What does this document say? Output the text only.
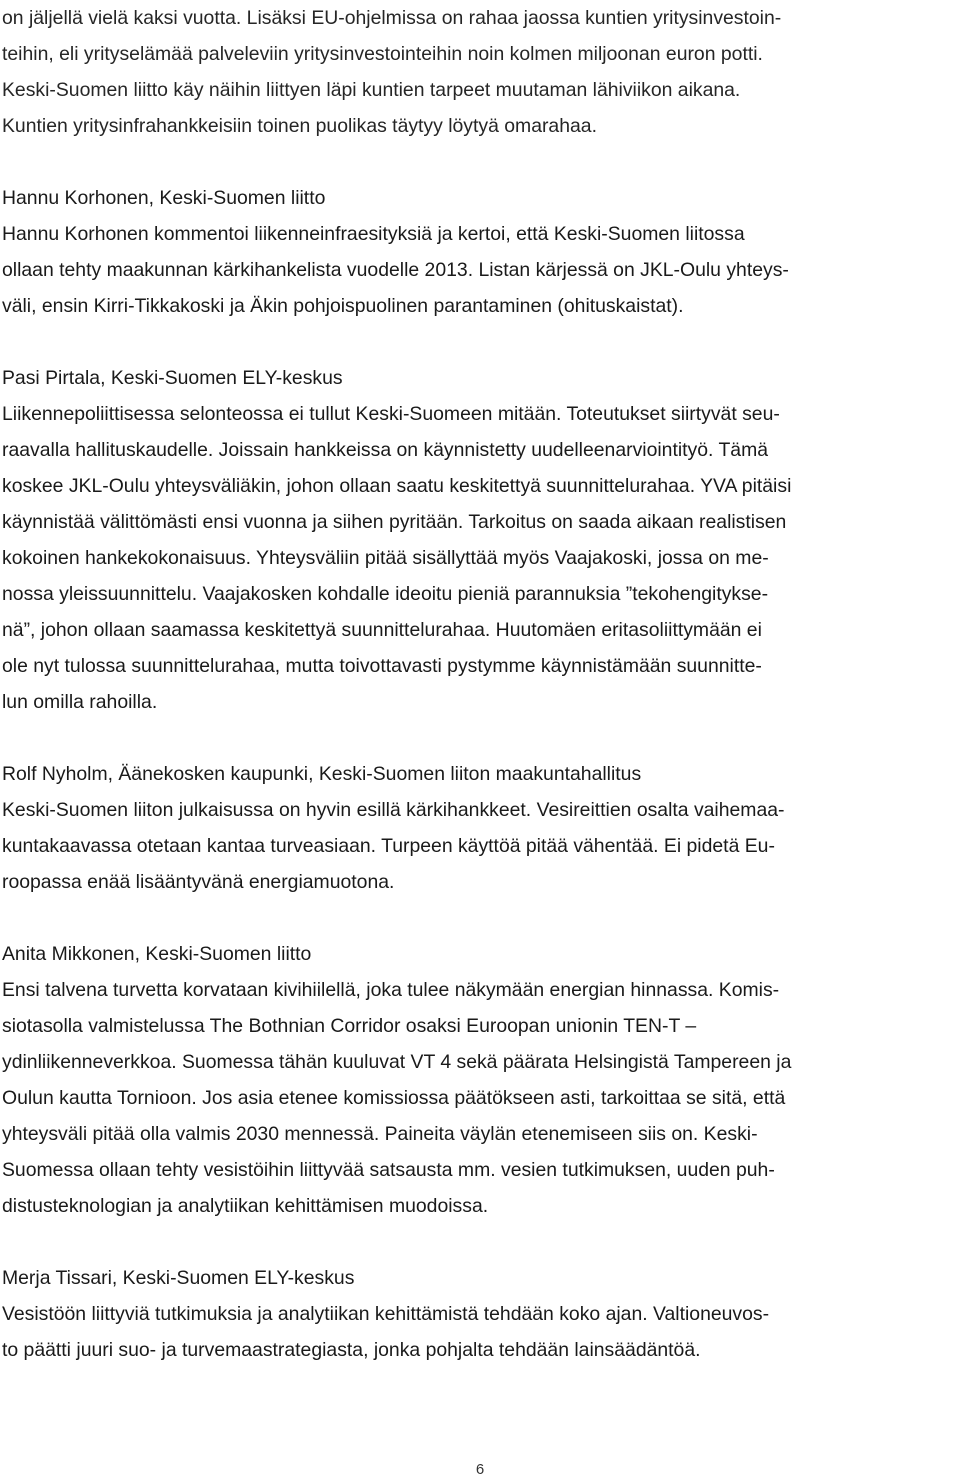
on jäljellä vielä kaksi vuotta. Lisäksi EU-ohjelmissa on rahaa jaossa kuntien yritysinvestoin-
teihin, eli yrityselämää palveleviin yritysinvestointeihin noin kolmen miljoonan euron potti.
Keski-Suomen liitto käy näihin liittyen läpi kuntien tarpeet muutaman lähiviikon aikana.
Kuntien yritysinfrahankkeisiin toinen puolikas täytyy löytyä omarahaa.
Hannu Korhonen, Keski-Suomen liitto
Hannu Korhonen kommentoi liikenneinfraesityksiä ja kertoi, että Keski-Suomen liitossa
ollaan tehty maakunnan kärkihankelista vuodelle 2013. Listan kärjessä on JKL-Oulu yhteys-
väli, ensin Kirri-Tikkakoski ja Äkin pohjoispuolinen parantaminen (ohituskaistat).
Pasi Pirtala, Keski-Suomen ELY-keskus
Liikennepoliittisessa selonteossa ei tullut Keski-Suomeen mitään. Toteutukset siirtyvät seu-
raavalla hallituskaudelle. Joissain hankkeissa on käynnistetty uudelleenarviointityö. Tämä
koskee JKL-Oulu yhteysväliäkin, johon ollaan saatu keskitettyä suunnittelurahaa. YVA pitäisi
käynnistää välittömästi ensi vuonna ja siihen pyritään. Tarkoitus on saada aikaan realistisen
kokoinen hankekokonaisuus. Yhteysväliin pitää sisällyttää myös Vaajakoski, jossa on me-
nossa yleissuunnittelu. Vaajakosken kohdalle ideoitu pieniä parannuksia ”tekohengitykse-
nä”, johon ollaan saamassa keskitettyä suunnittelurahaa. Huutomäen eritasoliittymään ei
ole nyt tulossa suunnittelurahaa, mutta toivottavasti pystymme käynnistämään suunnitte-
lun omilla rahoilla.
Rolf Nyholm, Äänekosken kaupunki, Keski-Suomen liiton maakuntahallitus
Keski-Suomen liiton julkaisussa on hyvin esillä kärkihankkeet. Vesireittien osalta vaihemaa-
kuntakaavassa otetaan kantaa turveasiaan. Turpeen käyttöä pitää vähentää. Ei pidetä Eu-
roopassa enää lisääntyvänä energiamuotona.
Anita Mikkonen, Keski-Suomen liitto
Ensi talvena turvetta korvataan kivihiilellä, joka tulee näkymään energian hinnassa. Komis-
siotasolla valmistelussa The Bothnian Corridor osaksi Euroopan unionin TEN-T –
ydinliikenneverkkoa. Suomessa tähän kuuluvat VT 4 sekä päärata Helsingistä Tampereen ja
Oulun kautta Tornioon. Jos asia etenee komissiossa päätökseen asti, tarkoittaa se sitä, että
yhteysväli pitää olla valmis 2030 mennessä. Paineita väylän etenemiseen siis on. Keski-
Suomessa ollaan tehty vesistöihin liittyvää satsausta mm. vesien tutkimuksen, uuden puh-
distusteknologian ja analytiikan kehittämisen muodoissa.
Merja Tissari, Keski-Suomen ELY-keskus
Vesistöön liittyviä tutkimuksia ja analytiikan kehittämistä tehdään koko ajan. Valtioneuvos-
to päätti juuri suo- ja turvemaastrategiasta, jonka pohjalta tehdään lainsäädäntöä.
6
